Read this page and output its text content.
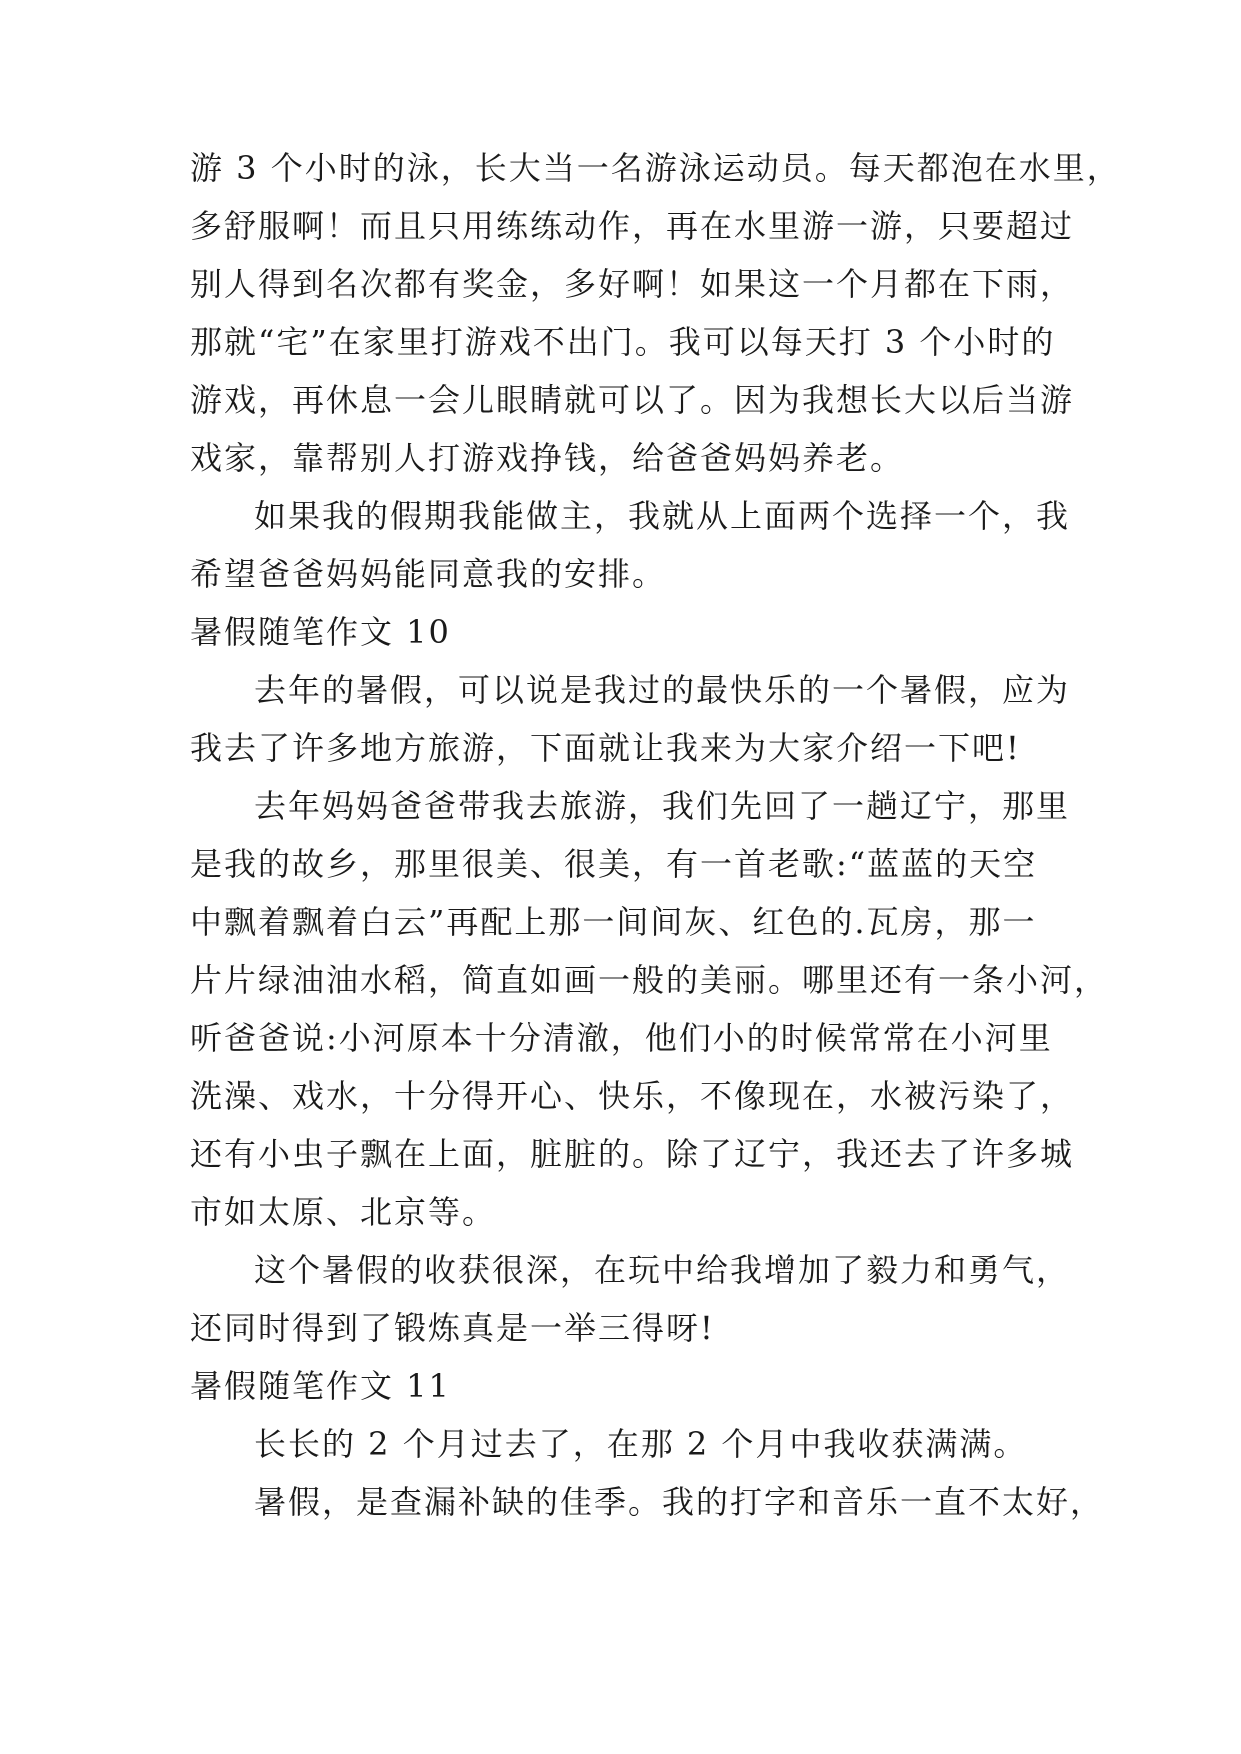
游 3 个小时的泳，长大当一名游泳运动员。每天都泡在水里，
多舒服啊！而且只用练练动作，再在水里游一游，只要超过
别人得到名次都有奖金，多好啊！如果这一个月都在下雨，
那就“宅”在家里打游戏不出门。我可以每天打 3 个小时的
游戏，再休息一会儿眼睛就可以了。因为我想长大以后当游
戏家，靠帮别人打游戏挣钱，给爸爸妈妈养老。
如果我的假期我能做主，我就从上面两个选择一个，我
希望爸爸妈妈能同意我的安排。
暑假随笔作文 10
去年的暑假，可以说是我过的最快乐的一个暑假，应为
我去了许多地方旅游，下面就让我来为大家介绍一下吧!
去年妈妈爸爸带我去旅游，我们先回了一趟辽宁，那里
是我的故乡，那里很美、很美，有一首老歌:“蓝蓝的天空
中飘着飘着白云”再配上那一间间灰、红色的.瓦房，那一
片片绿油油水稻，简直如画一般的美丽。哪里还有一条小河，
听爸爸说:小河原本十分清澈，他们小的时候常常在小河里
洗澡、戏水，十分得开心、快乐，不像现在，水被污染了，
还有小虫子飘在上面，脏脏的。除了辽宁，我还去了许多城
市如太原、北京等。
这个暑假的收获很深，在玩中给我增加了毅力和勇气，
还同时得到了锻炼真是一举三得呀!
暑假随笔作文 11
长长的 2 个月过去了，在那 2 个月中我收获满满。
暑假，是查漏补缺的佳季。我的打字和音乐一直不太好，
